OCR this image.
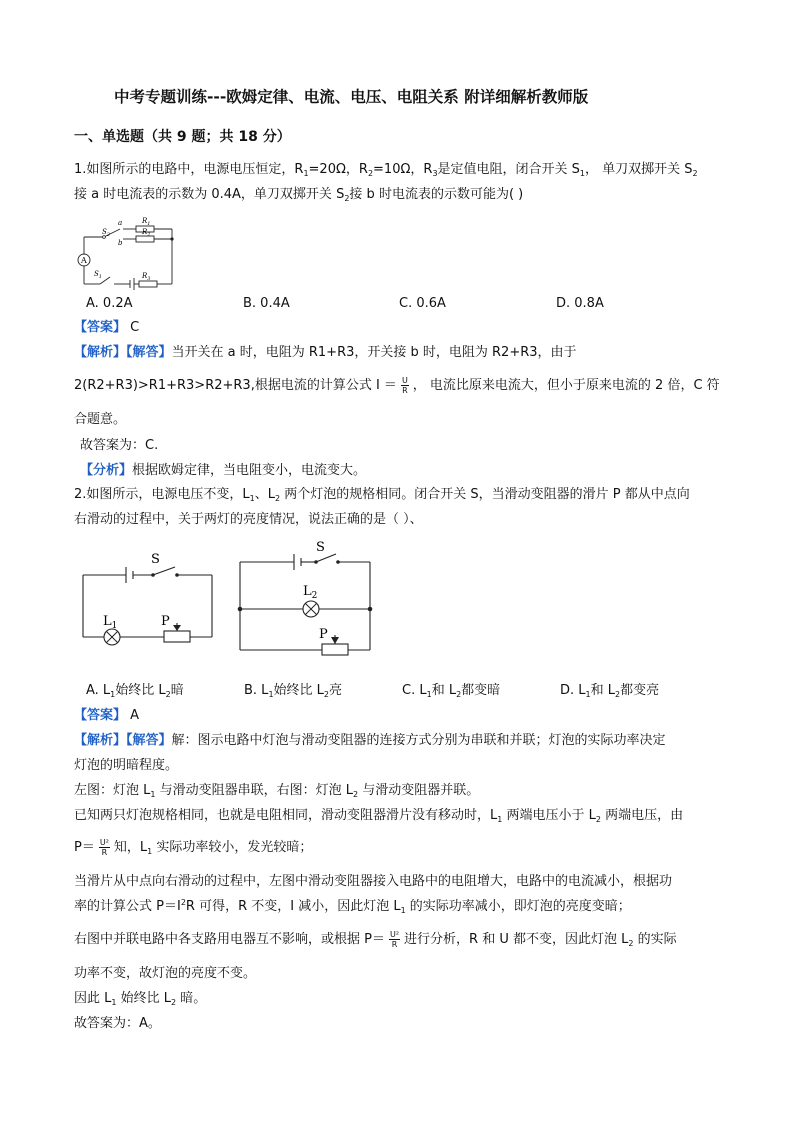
中考专题训练---欧姆定律、电流、电压、电阻关系 附详细解析教师版
一、单选题（共 9 题；共 18 分）
1.如图所示的电路中，电源电压恒定，$R_1=20\Omega$，$R_2=10\Omega$，$R_3$是定值电阻，闭合开关 $S_1$， 单刀双掷开关 $S_2$
接 a 时电流表的示数为 0.4A，单刀双掷开关 $S_2$接 b 时电流表的示数可能为( )
A
$S_2$
a
b
$R_1$
$R_2$
$R_3$
$S_1$
A. 0.2A	B. 0.4A	C. 0.6A	D. 0.8A
【答案】 C
【解析】【解答】当开关在 a 时，电阻为 R1+R3，开关接 b 时，电阻为 R2+R3，由于
2(R2+R3)>R1+R3>R2+R3,根据电流的计算公式 $I = \frac{U}{R}$ ， 电流比原来电流大，但小于原来电流的 2 倍，C 符
合题意。
故答案为：C.
【分析】根据欧姆定律，当电阻变小，电流变大。
2.如图所示，电源电压不变，$L_1$、$L_2$ 两个灯泡的规格相同。闭合开关 S，当滑动变阻器的滑片 P 都从中点向
右滑动的过程中，关于两灯的亮度情况，说法正确的是（ ）、
S
$L_1$	P
S
$L_2$
P
A. $L_1$始终比 $L_2$暗	B. $L_1$始终比 $L_2$亮	C. $L_1$和 $L_2$都变暗	D. $L_1$和 $L_2$都变亮
【答案】 A
【解析】【解答】解：图示电路中灯泡与滑动变阻器的连接方式分别为串联和并联；灯泡的实际功率决定
灯泡的明暗程度。
左图：灯泡 $L_1$ 与滑动变阻器串联，右图：灯泡 $L_2$ 与滑动变阻器并联。
已知两只灯泡规格相同，也就是电阻相同，滑动变阻器滑片没有移动时，$L_1$ 两端电压小于 $L_2$ 两端电压，由
$P= \frac{\text{U²}}{R}$ 知，$L_1$ 实际功率较小，发光较暗；
当滑片从中点向右滑动的过程中，左图中滑动变阻器接入电路中的电阻增大，电路中的电流减小，根据功
率的计算公式 $P=I^2R$ 可得，R 不变，I 减小，因此灯泡 $L_1$ 的实际功率减小，即灯泡的亮度变暗；
右图中并联电路中各支路用电器互不影响，或根据 $P= \frac{\text{U²}}{R}$ 进行分析，R 和 U 都不变，因此灯泡 $L_2$ 的实际
功率不变，故灯泡的亮度不变。
因此 $L_1$ 始终比 $L_2$ 暗。
故答案为：A。
